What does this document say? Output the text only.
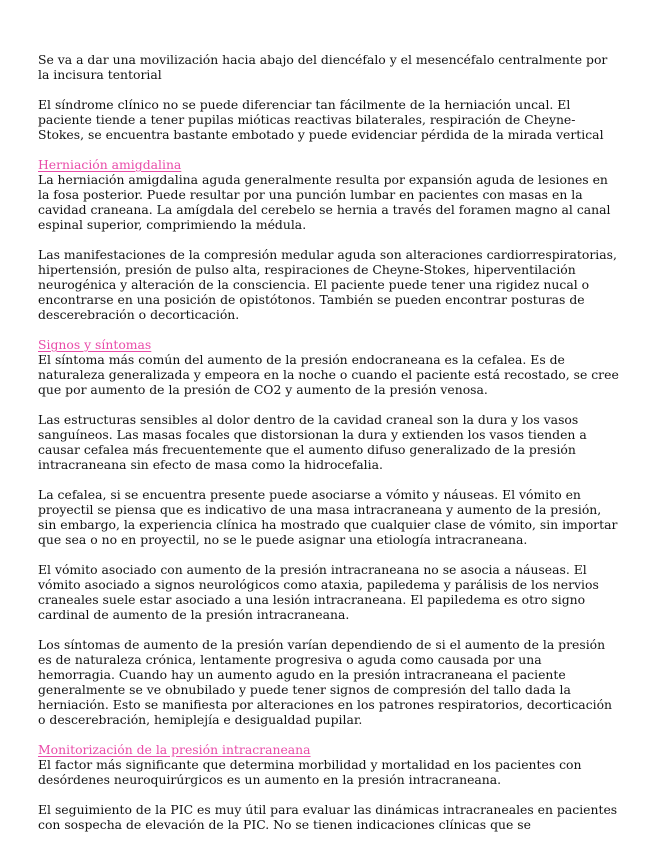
Se va a dar una movilización hacia abajo del diencéfalo y el mesencéfalo centralmente por la incisura tentorial

El síndrome clínico no se puede diferenciar tan fácilmente de la herniación uncal. El paciente tiende a tener pupilas mióticas reactivas bilaterales, respiración de Cheyne-Stokes, se encuentra bastante embotado y puede evidenciar pérdida de la mirada vertical

Herniación amigdalina

La herniación amigdalina aguda generalmente resulta por expansión aguda de lesiones en la fosa posterior. Puede resultar por una punción lumbar en pacientes con masas en la cavidad craneana. La amígdala del cerebelo se hernia a través del foramen magno al canal espinal superior, comprimiendo la médula.

Las manifestaciones de la compresión medular aguda son alteraciones cardiorrespiratorias, hipertensión, presión de pulso alta, respiraciones de Cheyne-Stokes, hiperventilación neurogénica y alteración de la consciencia. El paciente puede tener una rigidez nucal o encontrarse en una posición de opistótonos. También se pueden encontrar posturas de descerebración o decorticación.

Signos y síntomas

El síntoma más común del aumento de la presión endocraneana es la cefalea. Es de naturaleza generalizada y empeora en la noche o cuando el paciente está recostado, se cree que por aumento de la presión de CO2 y aumento de la presión venosa.

Las estructuras sensibles al dolor dentro de la cavidad craneal son la dura y los vasos sanguíneos. Las masas focales que distorsionan la dura y extienden los vasos tienden a causar cefalea más frecuentemente que el aumento difuso generalizado de la presión intracraneana sin efecto de masa como la hidrocefalia.

La cefalea, si se encuentra presente puede asociarse a vómito y náuseas. El vómito en proyectil se piensa que es indicativo de una masa intracraneana y aumento de la presión, sin embargo, la experiencia clínica ha mostrado que cualquier clase de vómito, sin importar que sea o no en proyectil, no se le puede asignar una etiología intracraneana.

El vómito asociado con aumento de la presión intracraneana no se asocia a náuseas. El vómito asociado a signos neurológicos como ataxia, papiledema y parálisis de los nervios craneales suele estar asociado a una lesión intracraneana. El papiledema es otro signo cardinal de aumento de la presión intracraneana.

Los síntomas de aumento de la presión varían dependiendo de si el aumento de la presión es de naturaleza crónica, lentamente progresiva o aguda como causada por una hemorragia. Cuando hay un aumento agudo en la presión intracraneana el paciente generalmente se ve obnubilado y puede tener signos de compresión del tallo dada la herniación. Esto se manifiesta por alteraciones en los patrones respiratorios, decorticación o descerebración, hemiplejía e desigualdad pupilar.

Monitorización de la presión intracraneana

El factor más significante que determina morbilidad y mortalidad en los pacientes con desórdenes neuroquirúrgicos es un aumento en la presión intracraneana.

El seguimiento de la PIC es muy útil para evaluar las dinámicas intracraneales en pacientes con sospecha de elevación de la PIC. No se tienen indicaciones clínicas que se
